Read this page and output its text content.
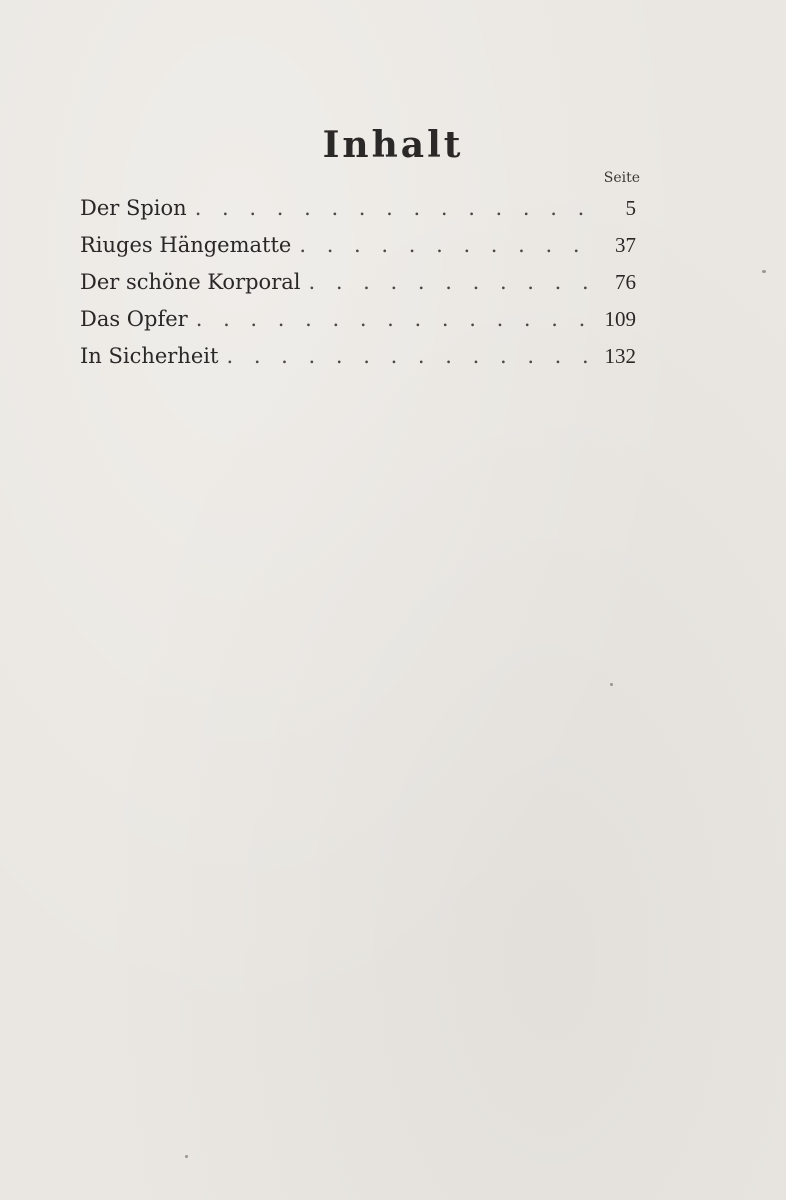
Inhalt
Seite
Der Spion . . .	5
Riuges Hängematte . . .	37
Der schöne Korporal . . .	76
Das Opfer . . .	109
In Sicherheit . . .	132
